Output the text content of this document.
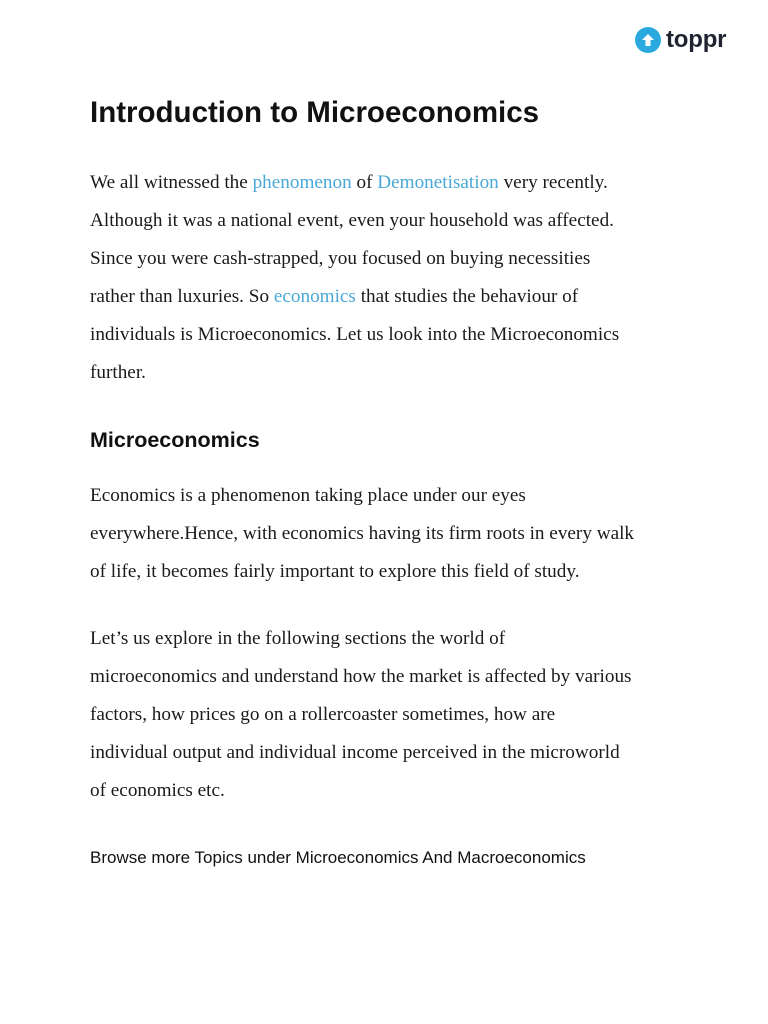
toppr
Introduction to Microeconomics

We all witnessed the phenomenon of Demonetisation very recently.
Although it was a national event, even your household was affected.
Since you were cash-strapped, you focused on buying necessities
rather than luxuries. So economics that studies the behaviour of
individuals is Microeconomics. Let us look into the Microeconomics
further.

Microeconomics

Economics is a phenomenon taking place under our eyes
everywhere.Hence, with economics having its firm roots in every walk
of life, it becomes fairly important to explore this field of study.

Let’s us explore in the following sections the world of
microeconomics and understand how the market is affected by various
factors, how prices go on a rollercoaster sometimes, how are
individual output and individual income perceived in the microworld
of economics etc.

Browse more Topics under Microeconomics And Macroeconomics
